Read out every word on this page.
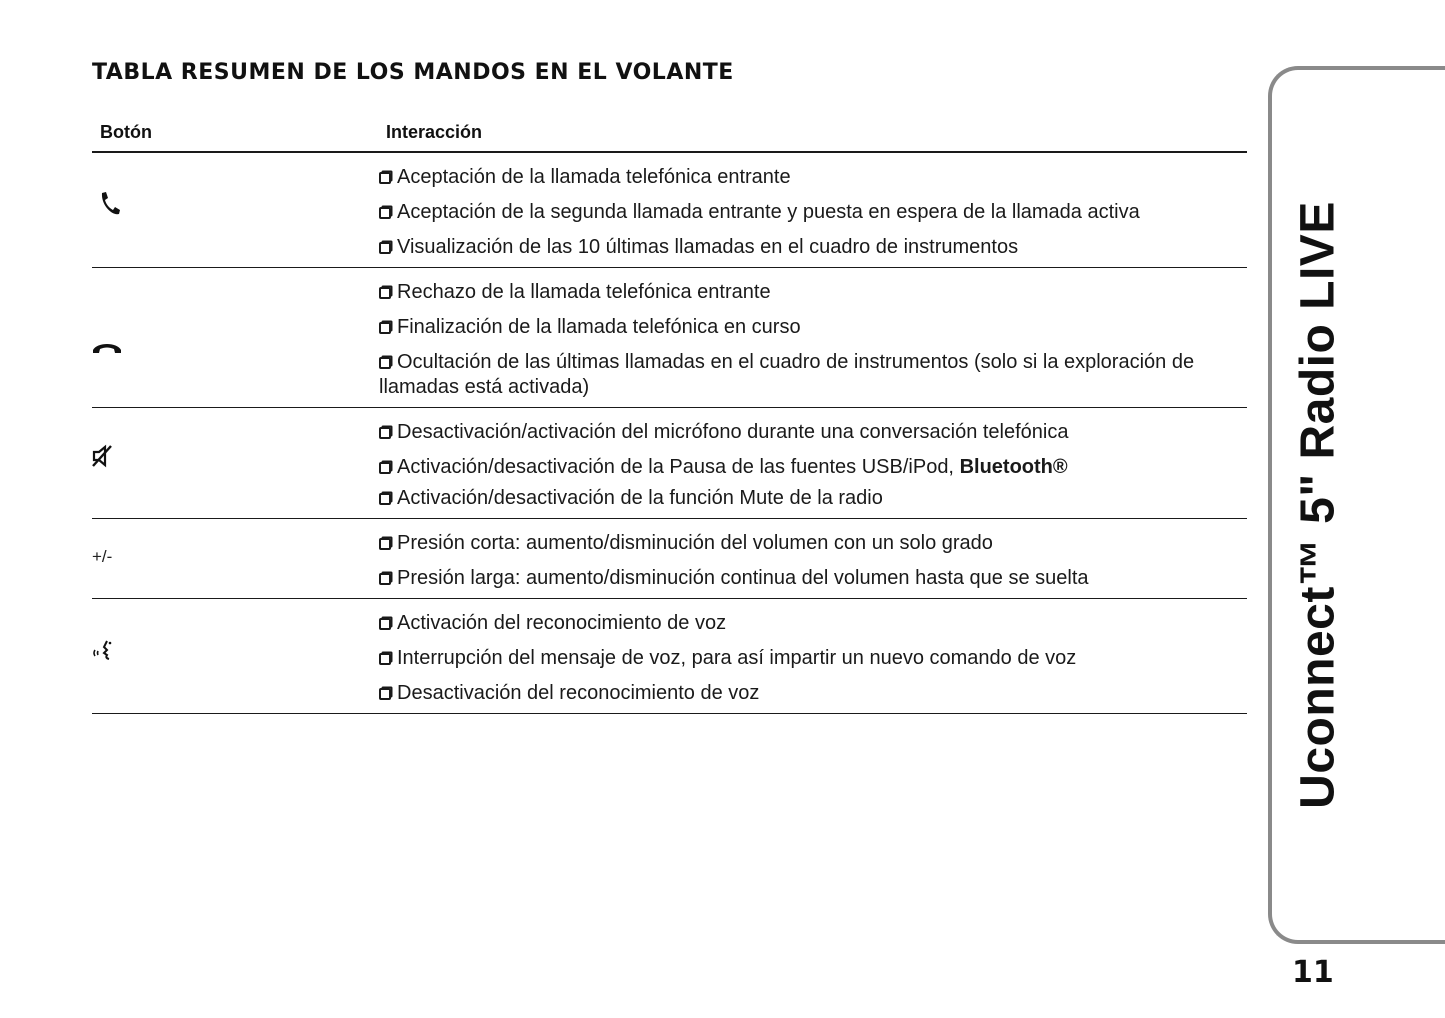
TABLA RESUMEN DE LOS MANDOS EN EL VOLANTE
Botón	Interacción
Aceptación de la llamada telefónica entrante
Aceptación de la segunda llamada entrante y puesta en espera de la llamada activa
Visualización de las 10 últimas llamadas en el cuadro de instrumentos
Rechazo de la llamada telefónica entrante
Finalización de la llamada telefónica en curso
Ocultación de las últimas llamadas en el cuadro de instrumentos (solo si la exploración de llamadas está activada)
Desactivación/activación del micrófono durante una conversación telefónica
Activación/desactivación de la Pausa de las fuentes USB/iPod, Bluetooth®
Activación/desactivación de la función Mute de la radio
+/-
Presión corta: aumento/disminución del volumen con un solo grado
Presión larga: aumento/disminución continua del volumen hasta que se suelta
Activación del reconocimiento de voz
Interrupción del mensaje de voz, para así impartir un nuevo comando de voz
Desactivación del reconocimiento de voz	Uconnect™ 5" Radio LIVE
11
